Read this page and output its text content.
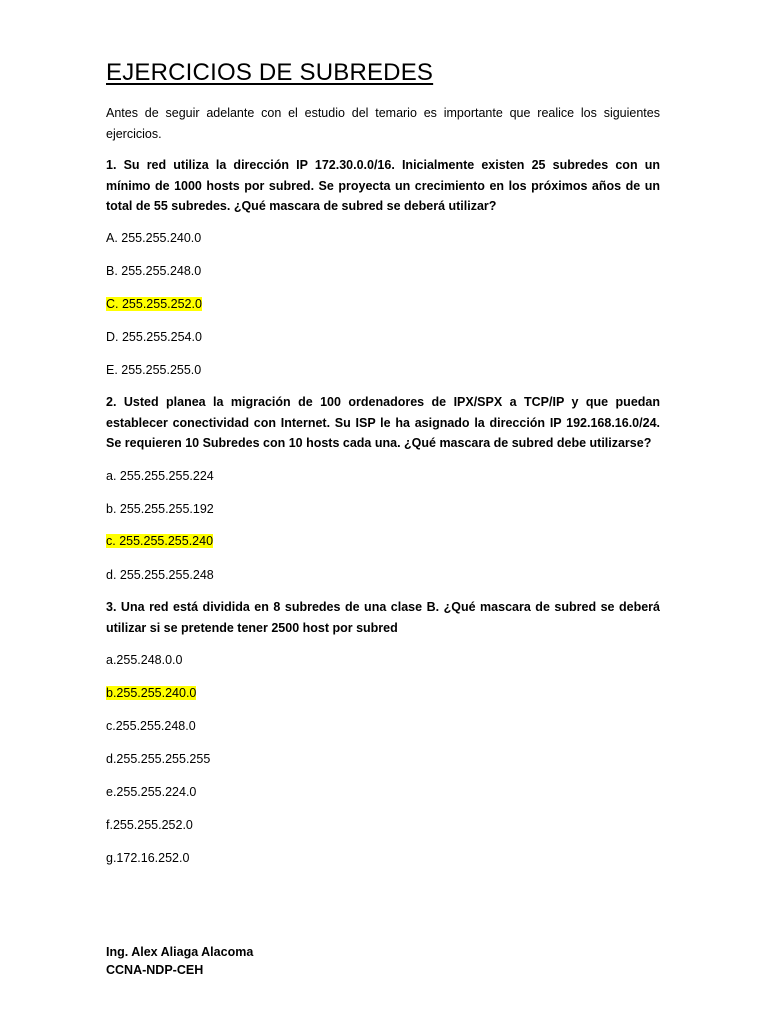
EJERCICIOS DE SUBREDES
Antes de seguir adelante con el estudio del temario es importante que realice los siguientes ejercicios.
1. Su red utiliza la dirección IP 172.30.0.0/16. Inicialmente existen 25 subredes con un mínimo de 1000 hosts por subred. Se proyecta un crecimiento en los próximos años de un total de 55 subredes. ¿Qué mascara de subred se deberá utilizar?
A. 255.255.240.0
B. 255.255.248.0
C. 255.255.252.0
D. 255.255.254.0
E. 255.255.255.0
2. Usted planea la migración de 100 ordenadores de IPX/SPX a TCP/IP y que puedan establecer conectividad con Internet. Su ISP le ha asignado la dirección IP 192.168.16.0/24. Se requieren 10 Subredes con 10 hosts cada una. ¿Qué mascara de subred debe utilizarse?
a. 255.255.255.224
b. 255.255.255.192
c. 255.255.255.240
d. 255.255.255.248
3. Una red está dividida en 8 subredes de una clase B. ¿Qué mascara de subred se deberá utilizar si se pretende tener 2500 host por subred
a.255.248.0.0
b.255.255.240.0
c.255.255.248.0
d.255.255.255.255
e.255.255.224.0
f.255.255.252.0
g.172.16.252.0
Ing. Alex Aliaga Alacoma
CCNA-NDP-CEH
